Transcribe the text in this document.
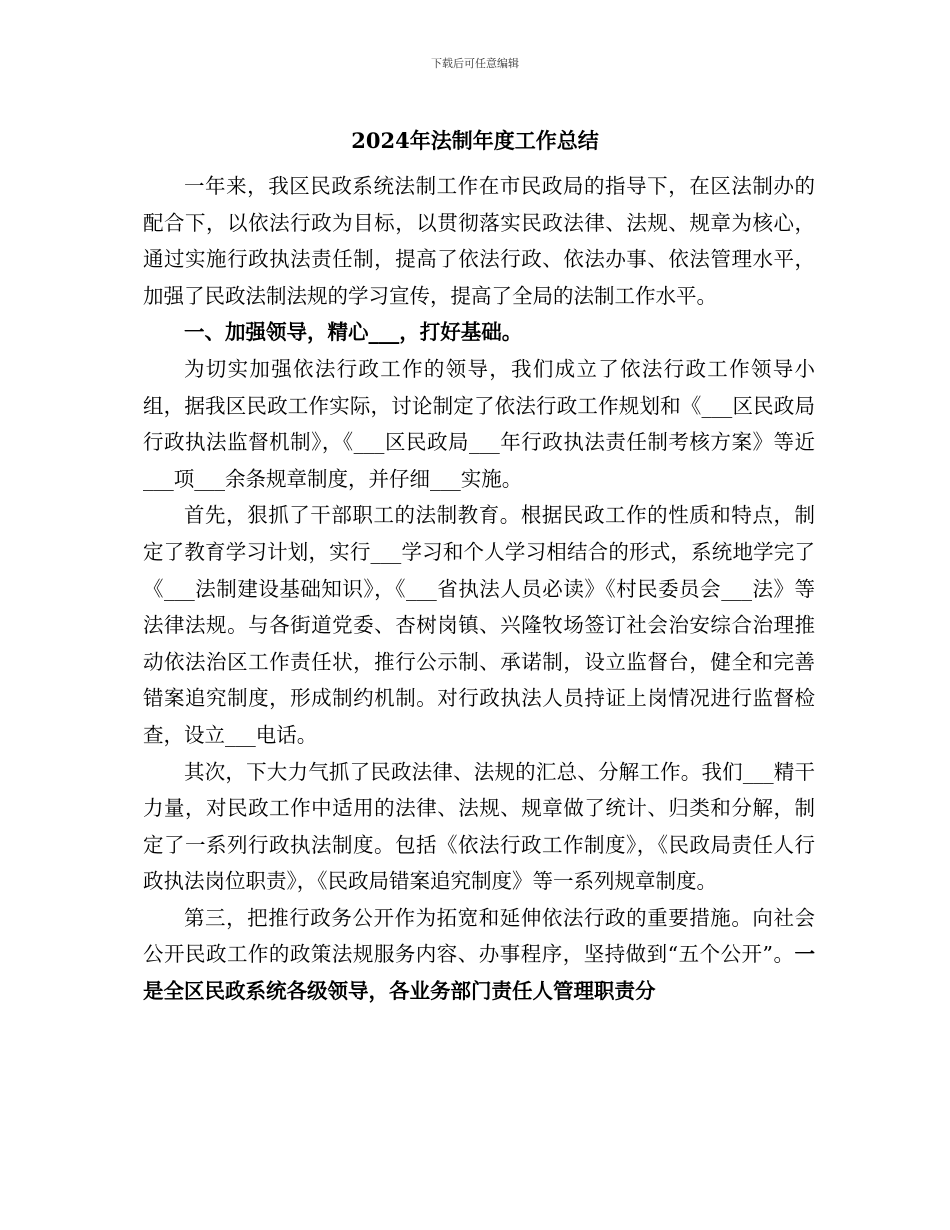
下载后可任意编辑
2024年法制年度工作总结

一年来，我区民政系统法制工作在市民政局的指导下，在区法制办的配合下，以依法行政为目标，以贯彻落实民政法律、法规、规章为核心，通过实施行政执法责任制，提高了依法行政、依法办事、依法管理水平，加强了民政法制法规的学习宣传，提高了全局的法制工作水平。

一、加强领导，精心___，打好基础。

为切实加强依法行政工作的领导，我们成立了依法行政工作领导小组，据我区民政工作实际，讨论制定了依法行政工作规划和《___区民政局行政执法监督机制》，《___区民政局___年行政执法责任制考核方案》等近___项___余条规章制度，并仔细___实施。

首先，狠抓了干部职工的法制教育。根据民政工作的性质和特点，制定了教育学习计划，实行___学习和个人学习相结合的形式，系统地学完了《___法制建设基础知识》，《___省执法人员必读》《村民委员会___法》等法律法规。与各街道党委、杏树岗镇、兴隆牧场签订社会治安综合治理推动依法治区工作责任状，推行公示制、承诺制，设立监督台，健全和完善错案追究制度，形成制约机制。对行政执法人员持证上岗情况进行监督检查，设立___电话。

其次，下大力气抓了民政法律、法规的汇总、分解工作。我们___精干力量，对民政工作中适用的法律、法规、规章做了统计、归类和分解，制定了一系列行政执法制度。包括《依法行政工作制度》，《民政局责任人行政执法岗位职责》，《民政局错案追究制度》等一系列规章制度。

第三，把推行政务公开作为拓宽和延伸依法行政的重要措施。向社会公开民政工作的政策法规服务内容、办事程序，坚持做到“五个公开”。一是全区民政系统各级领导，各业务部门责任人管理职责分
